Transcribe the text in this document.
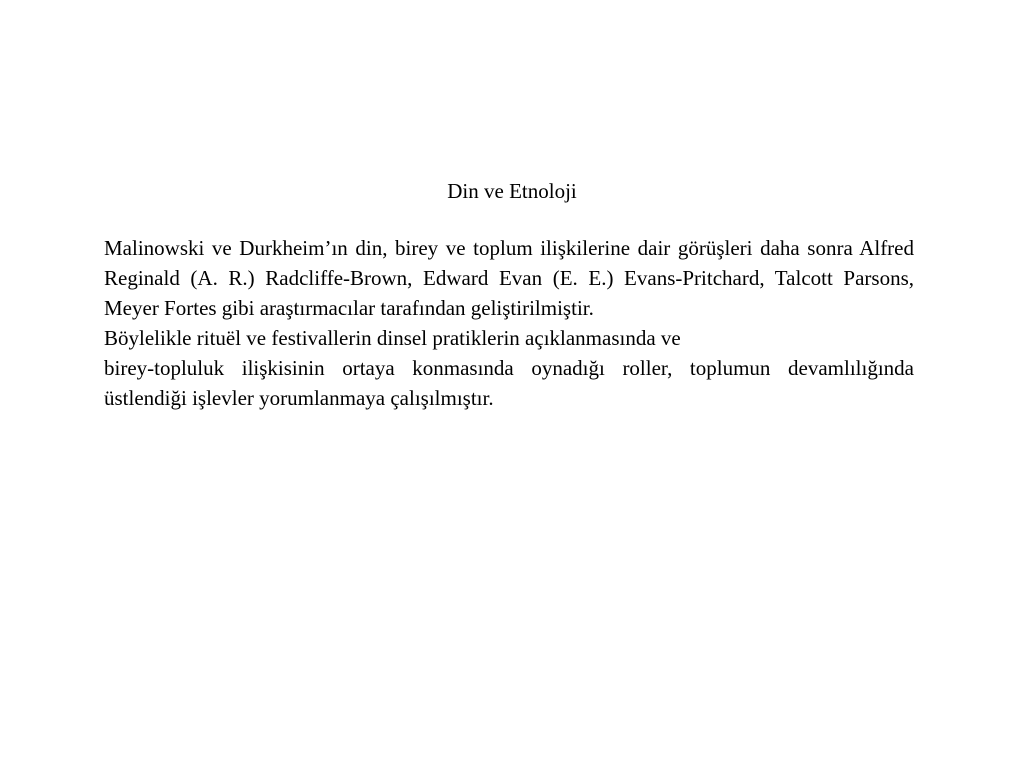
Din ve Etnoloji

Malinowski ve Durkheim’ın din, birey ve toplum ilişkilerine dair görüşleri daha sonra Alfred Reginald (A. R.) Radcliffe-Brown, Edward Evan (E. E.) Evans-Pritchard, Talcott Parsons, Meyer Fortes gibi araştırmacılar tarafından geliştirilmiştir.

Böylelikle rituël ve festivallerin dinsel pratiklerin açıklanmasında ve

birey-topluluk ilişkisinin ortaya konmasında oynadığı roller, toplumun devamlılığında üstlendiği işlevler yorumlanmaya çalışılmıştır.
